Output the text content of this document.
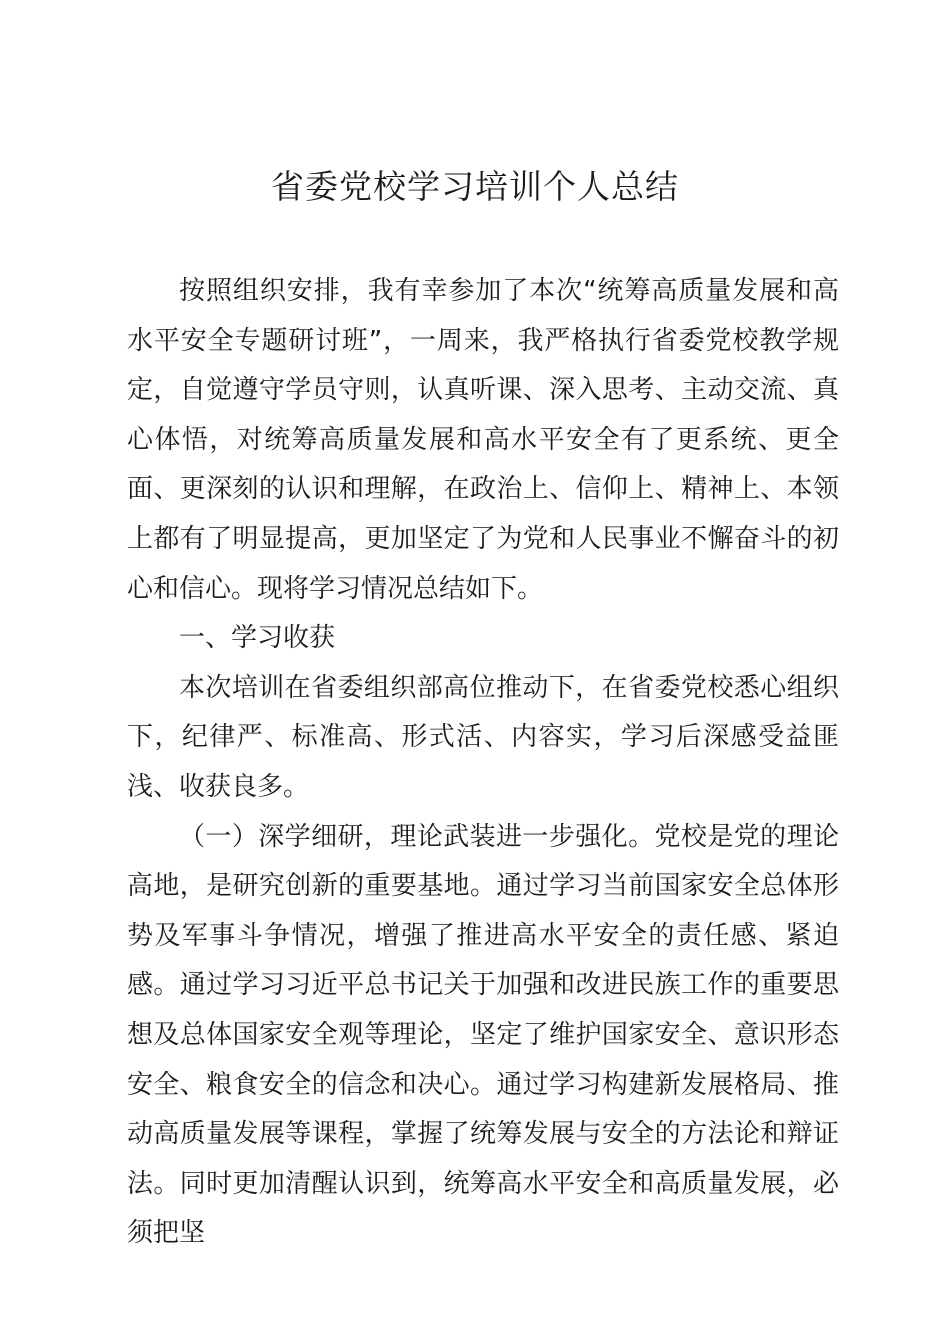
省委党校学习培训个人总结

按照组织安排，我有幸参加了本次“统筹高质量发展和高水平安全专题研讨班”，一周来，我严格执行省委党校教学规定，自觉遵守学员守则，认真听课、深入思考、主动交流、真心体悟，对统筹高质量发展和高水平安全有了更系统、更全面、更深刻的认识和理解，在政治上、信仰上、精神上、本领上都有了明显提高，更加坚定了为党和人民事业不懈奋斗的初心和信心。现将学习情况总结如下。

一、学习收获

本次培训在省委组织部高位推动下，在省委党校悉心组织下，纪律严、标准高、形式活、内容实，学习后深感受益匪浅、收获良多。

（一）深学细研，理论武装进一步强化。党校是党的理论高地，是研究创新的重要基地。通过学习当前国家安全总体形势及军事斗争情况，增强了推进高水平安全的责任感、紧迫感。通过学习习近平总书记关于加强和改进民族工作的重要思想及总体国家安全观等理论，坚定了维护国家安全、意识形态安全、粮食安全的信念和决心。通过学习构建新发展格局、推动高质量发展等课程，掌握了统筹发展与安全的方法论和辩证法。同时更加清醒认识到，统筹高水平安全和高质量发展，必须把坚
